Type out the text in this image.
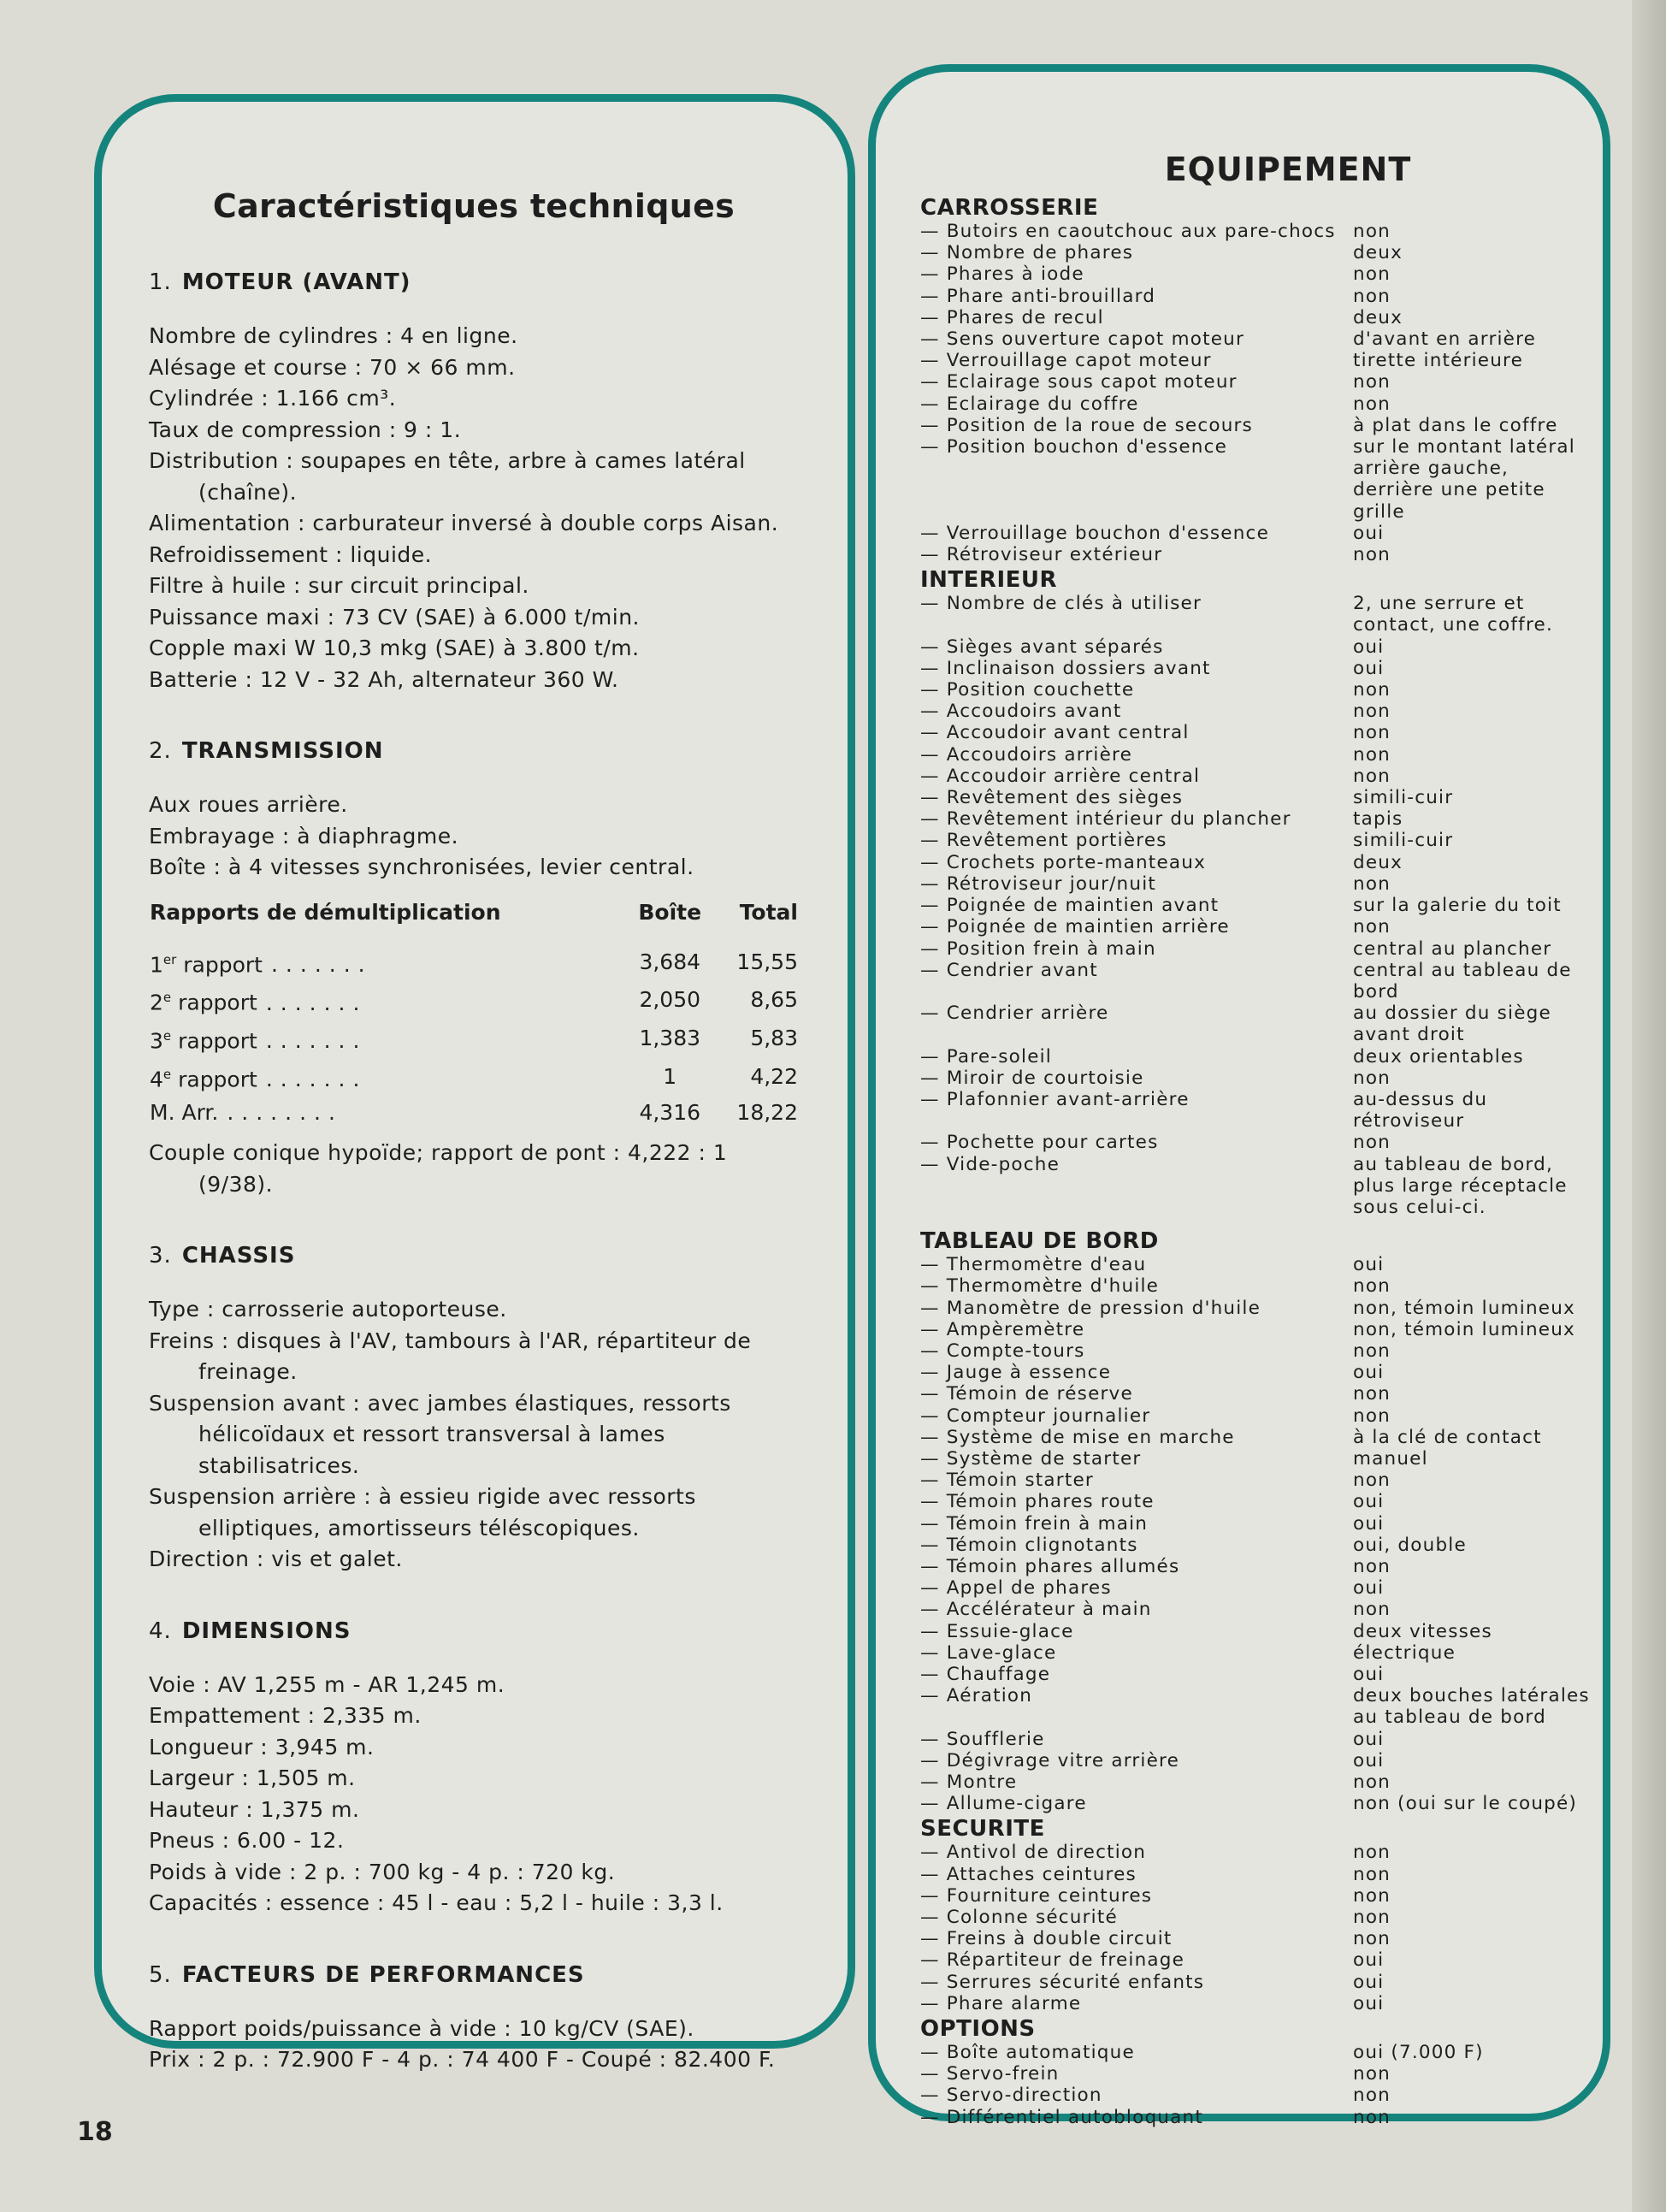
Caractéristiques techniques
1. MOTEUR (AVANT)
Nombre de cylindres : 4 en ligne.
Alésage et course : 70 × 66 mm.
Cylindrée : 1.166 cm³.
Taux de compression : 9 : 1.
Distribution : soupapes en tête, arbre à cames latéral (chaîne).
Alimentation : carburateur inversé à double corps Aisan.
Refroidissement : liquide.
Filtre à huile : sur circuit principal.
Puissance maxi : 73 CV (SAE) à 6.000 t/min.
Copple maxi W 10,3 mkg (SAE) à 3.800 t/m.
Batterie : 12 V - 32 Ah, alternateur 360 W.
2. TRANSMISSION
Aux roues arrière.
Embrayage : à diaphragme.
Boîte : à 4 vitesses synchronisées, levier central.
Rapports de démultiplication	Boîte	Total
1er rapport .......	3,684	15,55
2e rapport .......	2,050	8,65
3e rapport .......	1,383	5,83
4e rapport .......	1	4,22
M. Arr. ........	4,316	18,22
Couple conique hypoïde; rapport de pont : 4,222 : 1 (9/38).
3. CHASSIS
Type : carrosserie autoporteuse.
Freins : disques à l'AV, tambours à l'AR, répartiteur de freinage.
Suspension avant : avec jambes élastiques, ressorts hélicoïdaux et ressort transversal à lames stabilisatrices.
Suspension arrière : à essieu rigide avec ressorts elliptiques, amortisseurs téléscopiques.
Direction : vis et galet.
4. DIMENSIONS
Voie : AV 1,255 m - AR 1,245 m.
Empattement : 2,335 m.
Longueur : 3,945 m.
Largeur : 1,505 m.
Hauteur : 1,375 m.
Pneus : 6.00 - 12.
Poids à vide : 2 p. : 700 kg - 4 p. : 720 kg.
Capacités : essence : 45 l - eau : 5,2 l - huile : 3,3 l.
5. FACTEURS DE PERFORMANCES
Rapport poids/puissance à vide : 10 kg/CV (SAE).
Prix : 2 p. : 72.900 F - 4 p. : 74 400 F - Coupé : 82.400 F.
EQUIPEMENT
CARROSSERIE
— Butoirs en caoutchouc aux pare-chocs non
— Nombre de phares	deux
— Phares à iode	non
— Phare anti-brouillard	non
— Phares de recul	deux
— Sens ouverture capot moteur	d'avant en arrière
— Verrouillage capot moteur	tirette intérieure
— Eclairage sous capot moteur	non
— Eclairage du coffre	non
— Position de la roue de secours	à plat dans le coffre
— Position bouchon d'essence	sur le montant latéral arrière gauche, derrière une petite grille
— Verrouillage bouchon d'essence	oui
— Rétroviseur extérieur	non
INTERIEUR
— Nombre de clés à utiliser	2, une serrure et contact, une coffre.
— Sièges avant séparés	oui
— Inclinaison dossiers avant	oui
— Position couchette	non
— Accoudoirs avant	non
— Accoudoir avant central	non
— Accoudoirs arrière	non
— Accoudoir arrière central	non
— Revêtement des sièges	simili-cuir
— Revêtement intérieur du plancher	tapis
— Revêtement portières	simili-cuir
— Crochets porte-manteaux	deux
— Rétroviseur jour/nuit	non
— Poignée de maintien avant	sur la galerie du toit
— Poignée de maintien arrière	non
— Position frein à main	central au plancher
— Cendrier avant	central au tableau de bord
— Cendrier arrière	au dossier du siège avant droit
— Pare-soleil	deux orientables
— Miroir de courtoisie	non
— Plafonnier avant-arrière	au-dessus du rétroviseur
— Pochette pour cartes	non
— Vide-poche	au tableau de bord, plus large réceptacle sous celui-ci.
TABLEAU DE BORD
— Thermomètre d'eau	oui
— Thermomètre d'huile	non
— Manomètre de pression d'huile	non, témoin lumineux
— Ampèremètre	non, témoin lumineux
— Compte-tours	non
— Jauge à essence	oui
— Témoin de réserve	non
— Compteur journalier	non
— Système de mise en marche	à la clé de contact
— Système de starter	manuel
— Témoin starter	non
— Témoin phares route	oui
— Témoin frein à main	oui
— Témoin clignotants	oui, double
— Témoin phares allumés	non
— Appel de phares	oui
— Accélérateur à main	non
— Essuie-glace	deux vitesses
— Lave-glace	électrique
— Chauffage	oui
— Aération	deux bouches latérales au tableau de bord
— Soufflerie	oui
— Dégivrage vitre arrière	oui
— Montre	non
— Allume-cigare	non (oui sur le coupé)
SECURITE
— Antivol de direction	non
— Attaches ceintures	non
— Fourniture ceintures	non
— Colonne sécurité	non
— Freins à double circuit	non
— Répartiteur de freinage	oui
— Serrures sécurité enfants	oui
— Phare alarme	oui
OPTIONS
— Boîte automatique	oui (7.000 F)
— Servo-frein	non
— Servo-direction	non
— Différentiel autobloquant	non
18
